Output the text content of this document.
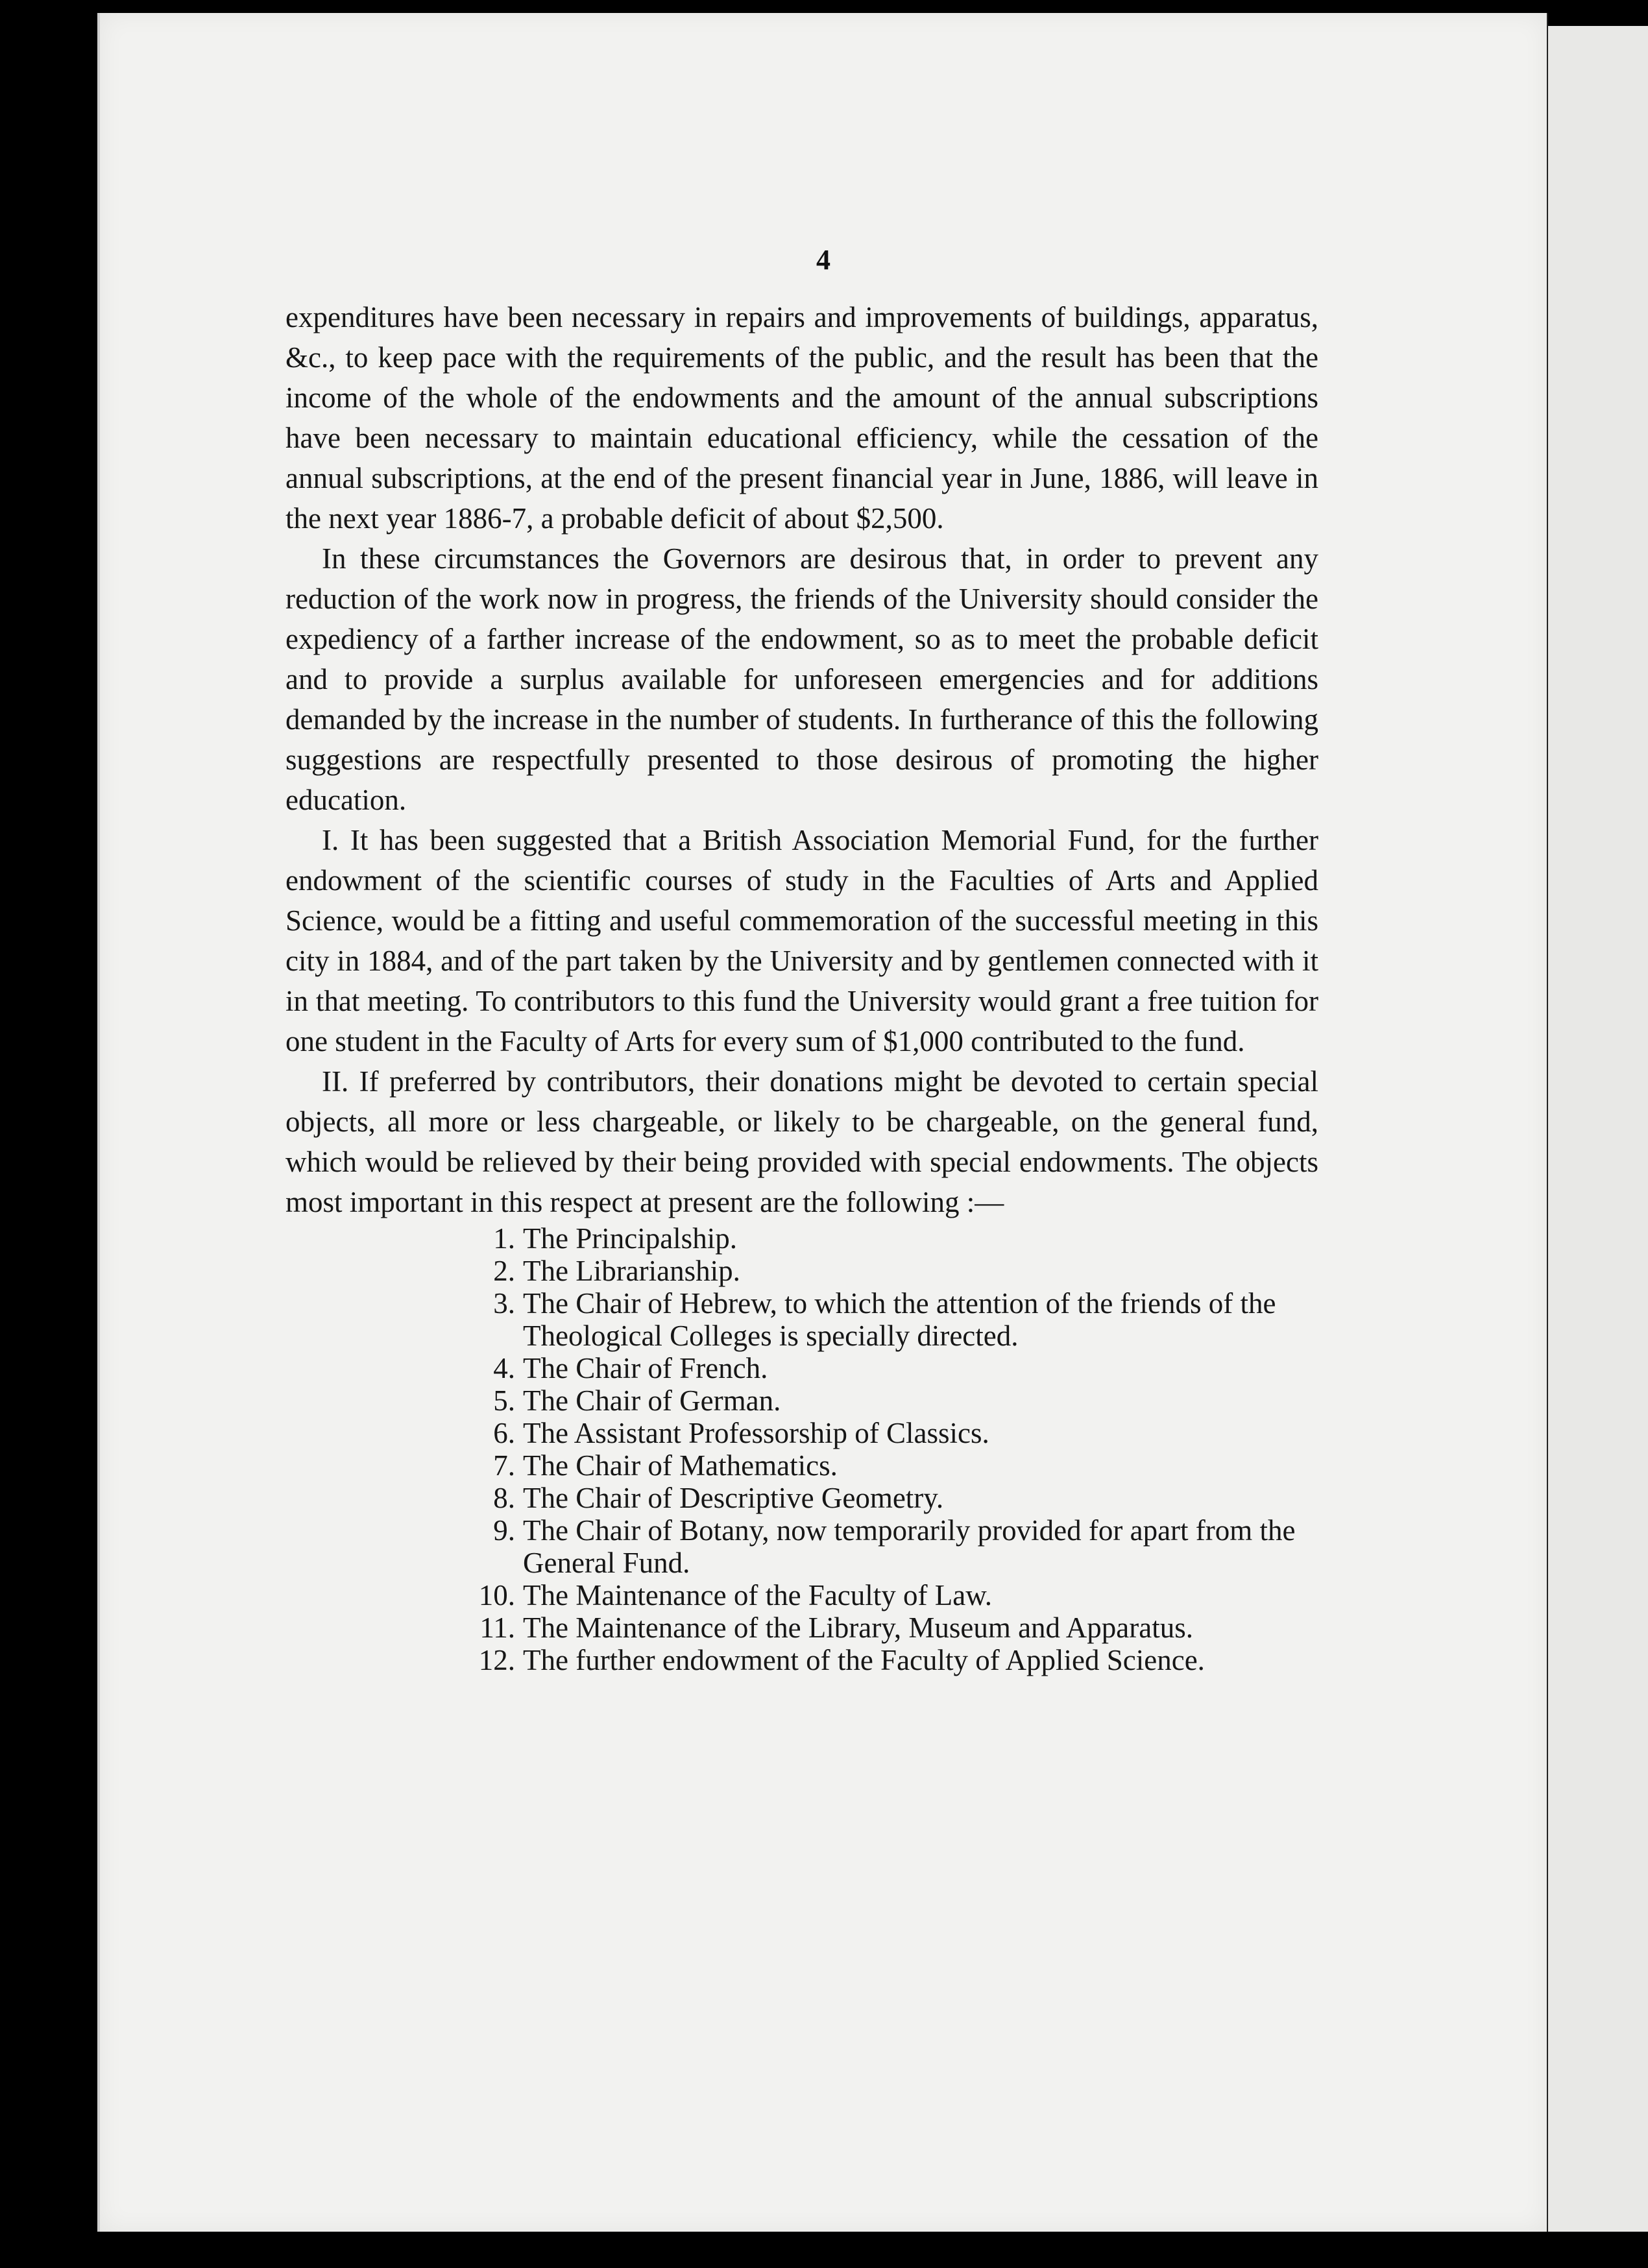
4

expenditures have been necessary in repairs and improvements of buildings, apparatus, &c., to keep pace with the requirements of the public, and the result has been that the income of the whole of the endowments and the amount of the annual subscriptions have been necessary to maintain educational efficiency, while the cessation of the annual subscriptions, at the end of the present financial year in June, 1886, will leave in the next year 1886-7, a probable deficit of about $2,500.

In these circumstances the Governors are desirous that, in order to prevent any reduction of the work now in progress, the friends of the University should consider the expediency of a farther increase of the endowment, so as to meet the probable deficit and to provide a surplus available for unforeseen emergencies and for additions demanded by the increase in the number of students. In furtherance of this the following suggestions are respectfully presented to those desirous of promoting the higher education.

I. It has been suggested that a British Association Memorial Fund, for the further endowment of the scientific courses of study in the Faculties of Arts and Applied Science, would be a fitting and useful commemoration of the successful meeting in this city in 1884, and of the part taken by the University and by gentlemen connected with it in that meeting. To contributors to this fund the University would grant a free tuition for one student in the Faculty of Arts for every sum of $1,000 contributed to the fund.

II. If preferred by contributors, their donations might be devoted to certain special objects, all more or less chargeable, or likely to be chargeable, on the general fund, which would be relieved by their being provided with special endowments. The objects most important in this respect at present are the following :—

1. The Principalship.
2. The Librarianship.
3. The Chair of Hebrew, to which the attention of the friends of the Theological Colleges is specially directed.
4. The Chair of French.
5. The Chair of German.
6. The Assistant Professorship of Classics.
7. The Chair of Mathematics.
8. The Chair of Descriptive Geometry.
9. The Chair of Botany, now temporarily provided for apart from the General Fund.
10. The Maintenance of the Faculty of Law.
11. The Maintenance of the Library, Museum and Apparatus.
12. The further endowment of the Faculty of Applied Science.
